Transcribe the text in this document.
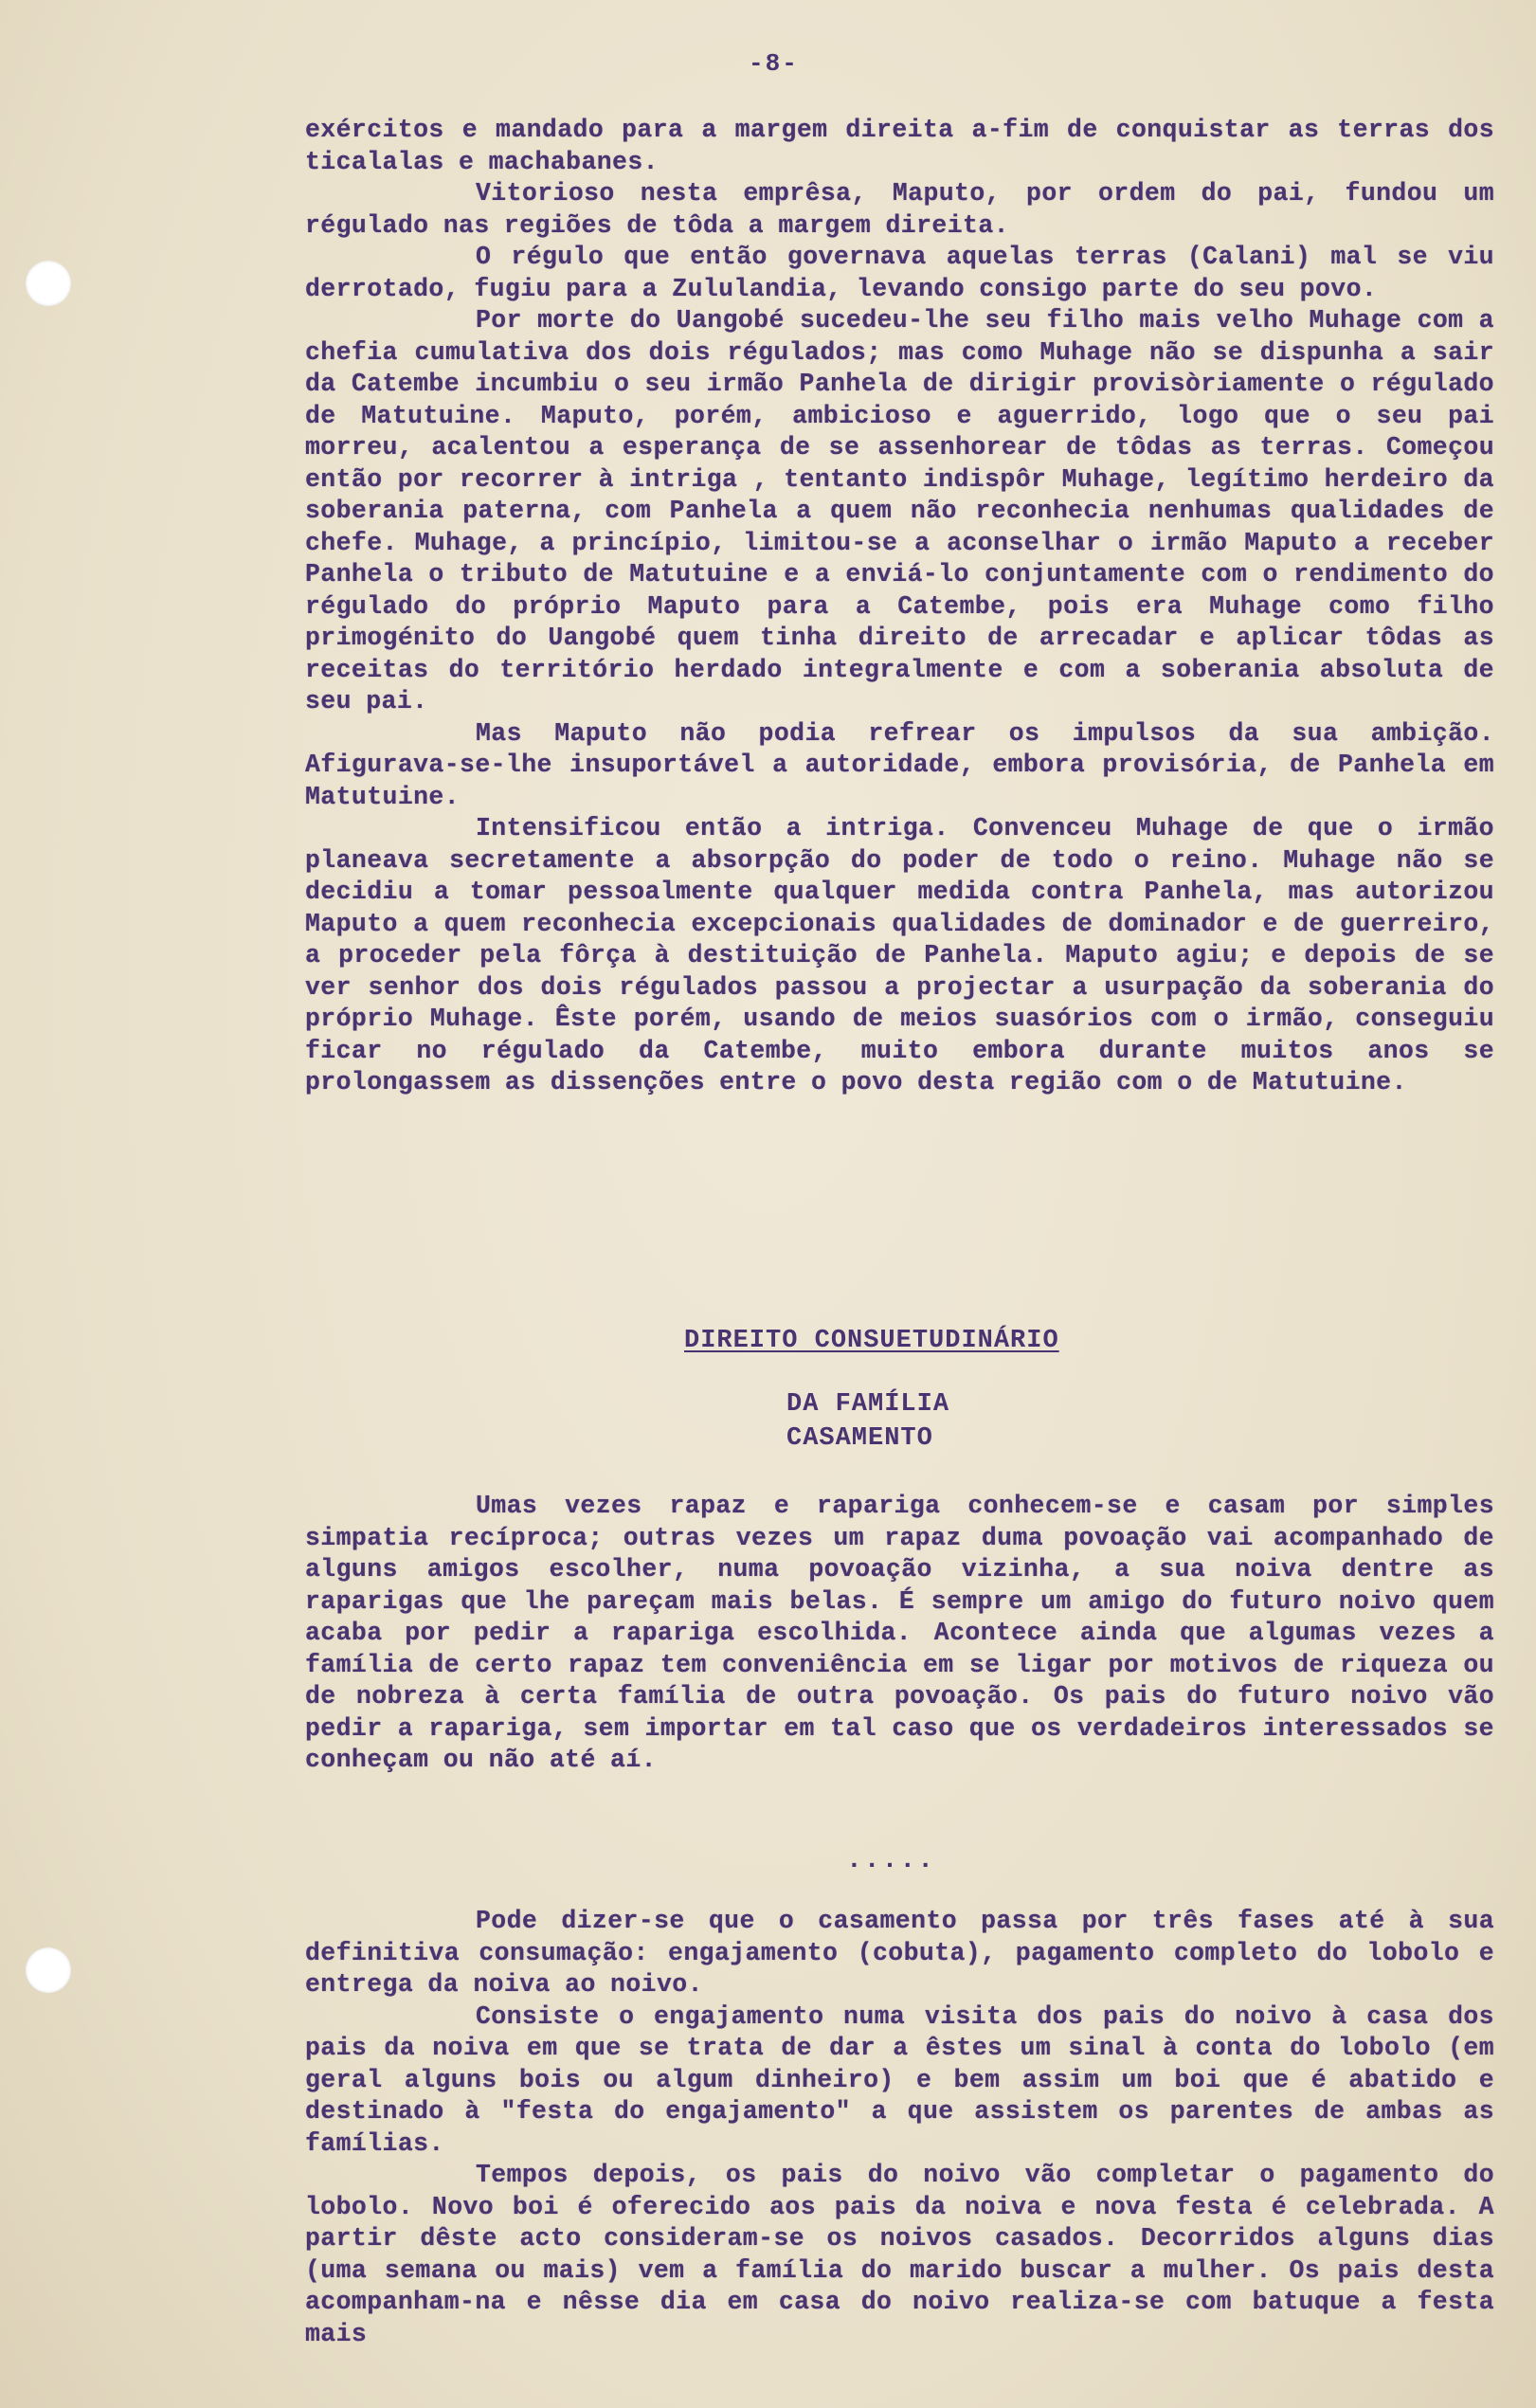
-8-

exércitos e mandado para a margem direita a-fim de conquistar as terras dos ticalalas e machabanes.

Vitorioso nesta emprêsa, Maputo, por ordem do pai, fundou um régulado nas regiões de tôda a margem direita.

O régulo que então governava aquelas terras (Calani) mal se viu derrotado, fugiu para a Zululandia, levando consigo parte do seu povo.

Por morte do Uangobé sucedeu-lhe seu filho mais velho Muhage com a chefia cumulativa dos dois régulados; mas como Muhage não se dispunha a sair da Catembe incumbiu o seu irmão Panhela de dirigir provisòriamente o régulado de Matutuine. Maputo, porém, ambicioso e aguerrido, logo que o seu pai morreu, acalentou a esperança de se assenhorear de tôdas as terras. Começou então por recorrer à intriga , tentanto indispôr Muhage, legítimo herdeiro da soberania paterna, com Panhela a quem não reconhecia nenhumas qualidades de chefe. Muhage, a princípio, limitou-se a aconselhar o irmão Maputo a receber Panhela o tributo de Matutuine e a enviá-lo conjuntamente com o rendimento do régulado do próprio Maputo para a Catembe, pois era Muhage como filho primogénito do Uangobé quem tinha direito de arrecadar e aplicar tôdas as receitas do território herdado integralmente e com a soberania absoluta de seu pai.

Mas Maputo não podia refrear os impulsos da sua ambição. Afigurava-se-lhe insuportável a autoridade, embora provisória, de Panhela em Matutuine.

Intensificou então a intriga. Convenceu Muhage de que o irmão planeava secretamente a absorpção do poder de todo o reino. Muhage não se decidiu a tomar pessoalmente qualquer medida contra Panhela, mas autorizou Maputo a quem reconhecia excepcionais qualidades de dominador e de guerreiro, a proceder pela fôrça à destituição de Panhela. Maputo agiu; e depois de se ver senhor dos dois régulados passou a projectar a usurpação da soberania do próprio Muhage. Êste porém, usando de meios suasórios com o irmão, conseguiu ficar no régulado da Catembe, muito embora durante muitos anos se prolongassem as dissenções entre o povo desta região com o de Matutuine.

DIREITO CONSUETUDINÁRIO
DA FAMÍLIA
CASAMENTO

Umas vezes rapaz e rapariga conhecem-se e casam por simples simpatia recíproca; outras vezes um rapaz duma povoação vai acompanhado de alguns amigos escolher, numa povoação vizinha, a sua noiva dentre as raparigas que lhe pareçam mais belas. É sempre um amigo do futuro noivo quem acaba por pedir a rapariga escolhida. Acontece ainda que algumas vezes a família de certo rapaz tem conveniência em se ligar por motivos de riqueza ou de nobreza à certa família de outra povoação. Os pais do futuro noivo vão pedir a rapariga, sem importar em tal caso que os verdadeiros interessados se conheçam ou não até aí.

.....

Pode dizer-se que o casamento passa por três fases até à sua definitiva consumação: engajamento (cobuta), pagamento completo do lobolo e entrega da noiva ao noivo.

Consiste o engajamento numa visita dos pais do noivo à casa dos pais da noiva em que se trata de dar a êstes um sinal à conta do lobolo (em geral alguns bois ou algum dinheiro) e bem assim um boi que é abatido e destinado à "festa do engajamento" a que assistem os parentes de ambas as famílias.

Tempos depois, os pais do noivo vão completar o pagamento do lobolo. Novo boi é oferecido aos pais da noiva e nova festa é celebrada. A partir dêste acto consideram-se os noivos casados. Decorridos alguns dias (uma semana ou mais) vem a família do marido buscar a mulher. Os pais desta acompanham-na e nêsse dia em casa do noivo realiza-se com batuque a festa mais
